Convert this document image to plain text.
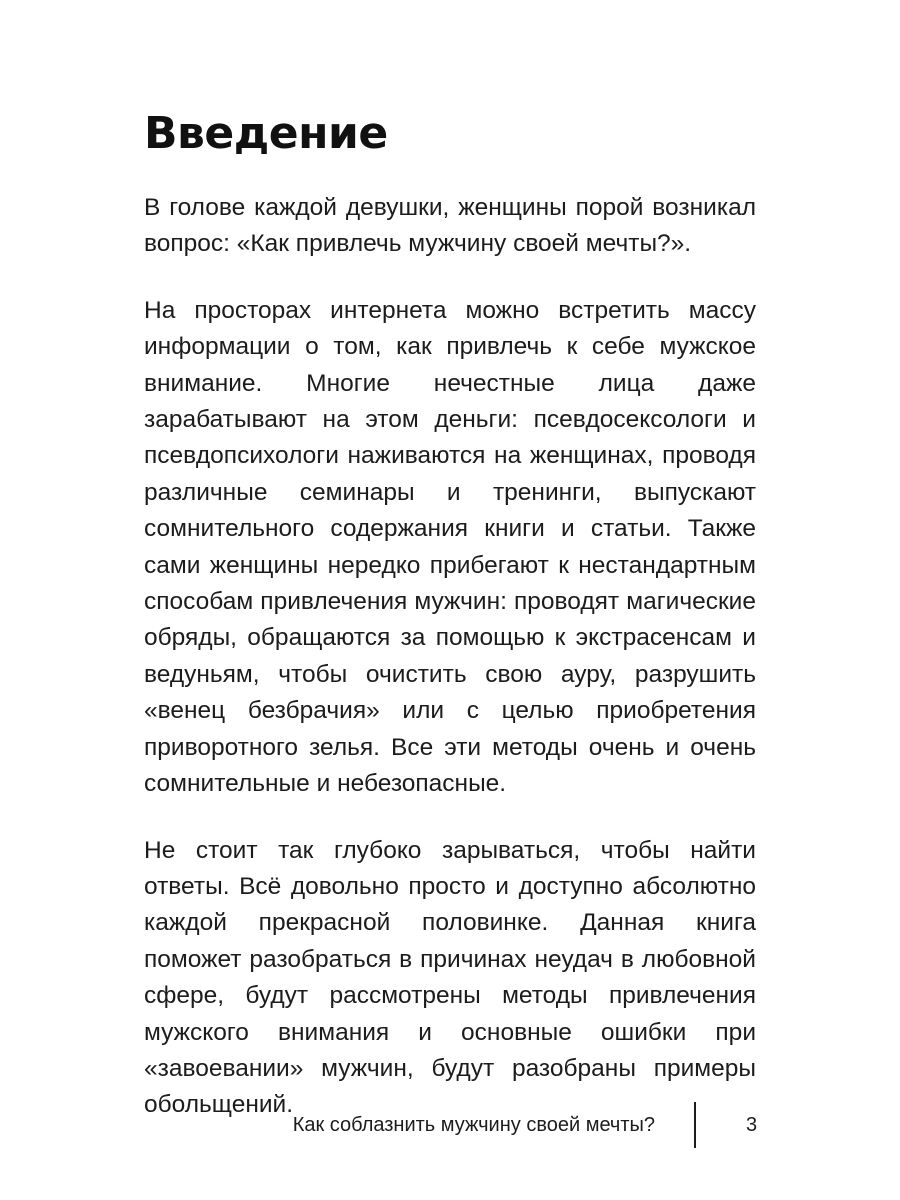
Введение

В голове каждой девушки, женщины порой возникал вопрос: «Как привлечь мужчину своей мечты?».

На просторах интернета можно встретить массу информации о том, как привлечь к себе мужское внимание. Многие нечестные лица даже зарабатывают на этом деньги: псевдосексологи и псевдопсихологи наживаются на женщинах, проводя различные семинары и тренинги, выпускают сомнительного содержания книги и статьи. Также сами женщины нередко прибегают к нестандартным способам привлечения мужчин: проводят магические обряды, обращаются за помощью к экстрасенсам и ведуньям, чтобы очистить свою ауру, разрушить «венец безбрачия» или с целью приобретения приворотного зелья. Все эти методы очень и очень сомнительные и небезопасные.

Не стоит так глубоко зарываться, чтобы найти ответы. Всё довольно просто и доступно абсолютно каждой прекрасной половинке. Данная книга поможет разобраться в причинах неудач в любовной сфере, будут рассмотрены методы привлечения мужского внимания и основные ошибки при «завоевании» мужчин, будут разобраны примеры обольщений.

Как соблазнить мужчину своей мечты?	3
